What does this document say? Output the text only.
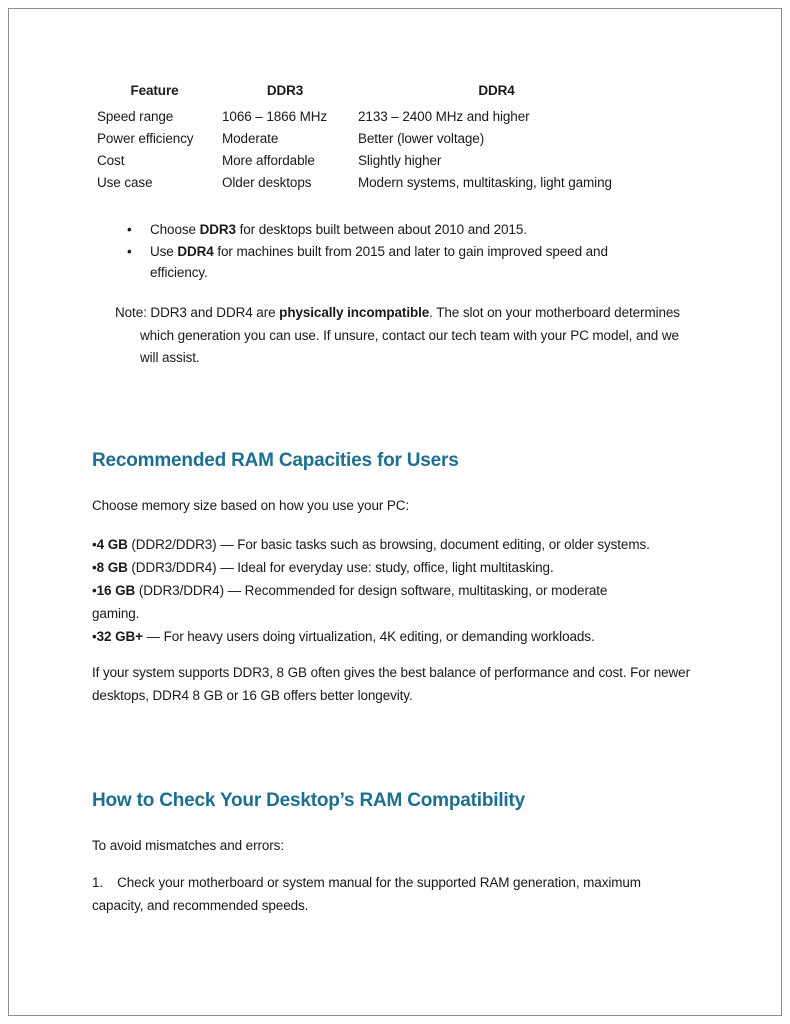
Feature	DDR3	DDR4
Speed range	1066 – 1866 MHz	2133 – 2400 MHz and higher
Power efficiency	Moderate	Better (lower voltage)
Cost	More affordable	Slightly higher
Use case	Older desktops	Modern systems, multitasking, light gaming
• Choose DDR3 for desktops built between about 2010 and 2015.
• Use DDR4 for machines built from 2015 and later to gain improved speed and efficiency.

Note: DDR3 and DDR4 are physically incompatible. The slot on your motherboard determines which generation you can use. If unsure, contact our tech team with your PC model, and we will assist.

Recommended RAM Capacities for Users

Choose memory size based on how you use your PC:

•4 GB (DDR2/DDR3) — For basic tasks such as browsing, document editing, or older systems.
•8 GB (DDR3/DDR4) — Ideal for everyday use: study, office, light multitasking.
•16 GB (DDR3/DDR4) — Recommended for design software, multitasking, or moderate gaming.
•32 GB+ — For heavy users doing virtualization, 4K editing, or demanding workloads.

If your system supports DDR3, 8 GB often gives the best balance of performance and cost. For newer desktops, DDR4 8 GB or 16 GB offers better longevity.

How to Check Your Desktop’s RAM Compatibility

To avoid mismatches and errors:

1. Check your motherboard or system manual for the supported RAM generation, maximum capacity, and recommended speeds.
